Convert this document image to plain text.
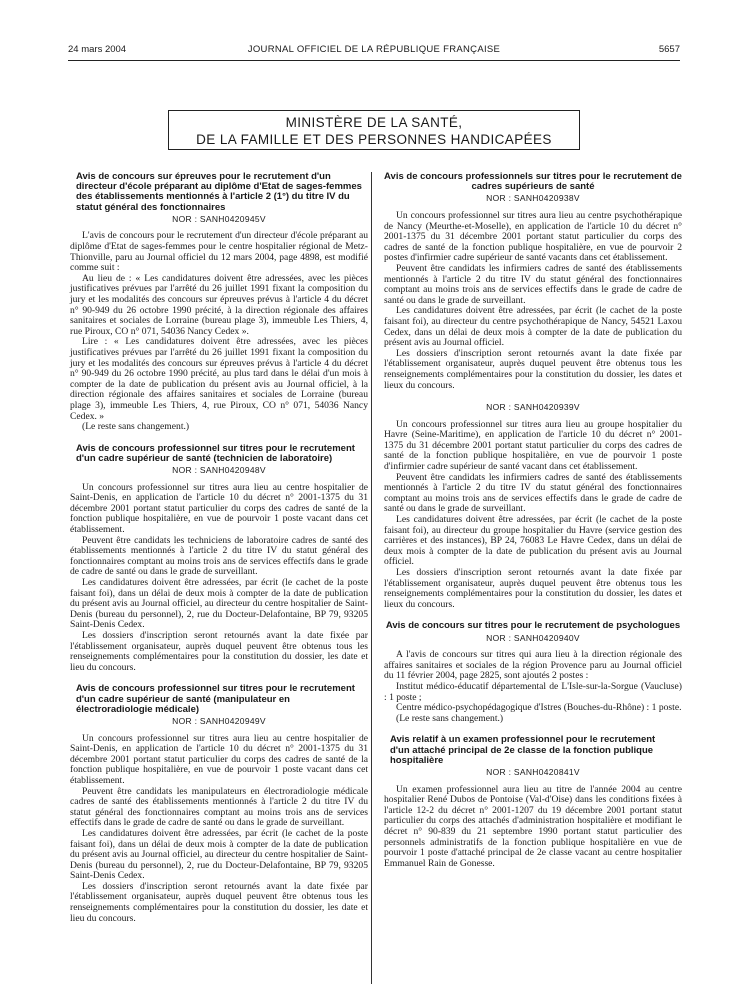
24 mars 2004	JOURNAL OFFICIEL DE LA RÉPUBLIQUE FRANÇAISE	5657
MINISTÈRE DE LA SANTÉ,
DE LA FAMILLE ET DES PERSONNES HANDICAPÉES
Avis de concours sur épreuves pour le recrutement d'un directeur d'école préparant au diplôme d'Etat de sages-femmes des établissements mentionnés à l'article 2 (1°) du titre IV du statut général des fonctionnaires
NOR : SANH0420945V

L'avis de concours pour le recrutement d'un directeur d'école préparant au diplôme d'Etat de sages-femmes pour le centre hospitalier régional de Metz-Thionville, paru au Journal officiel du 12 mars 2004, page 4898, est modifié comme suit :

Au lieu de : « Les candidatures doivent être adressées, avec les pièces justificatives prévues par l'arrêté du 26 juillet 1991 fixant la composition du jury et les modalités des concours sur épreuves prévus à l'article 4 du décret n° 90-949 du 26 octobre 1990 précité, à la direction régionale des affaires sanitaires et sociales de Lorraine (bureau plage 3), immeuble Les Thiers, 4, rue Piroux, CO n° 071, 54036 Nancy Cedex ».

Lire : « Les candidatures doivent être adressées, avec les pièces justificatives prévues par l'arrêté du 26 juillet 1991 fixant la composition du jury et les modalités des concours sur épreuves prévus à l'article 4 du décret n° 90-949 du 26 octobre 1990 précité, au plus tard dans le délai d'un mois à compter de la date de publication du présent avis au Journal officiel, à la direction régionale des affaires sanitaires et sociales de Lorraine (bureau plage 3), immeuble Les Thiers, 4, rue Piroux, CO n° 071, 54036 Nancy Cedex. »

(Le reste sans changement.)

Avis de concours professionnel sur titres pour le recrutement d'un cadre supérieur de santé (technicien de laboratoire)
NOR : SANH0420948V

Un concours professionnel sur titres aura lieu au centre hospitalier de Saint-Denis, en application de l'article 10 du décret n° 2001-1375 du 31 décembre 2001 portant statut particulier du corps des cadres de santé de la fonction publique hospitalière, en vue de pourvoir 1 poste vacant dans cet établissement.

Peuvent être candidats les techniciens de laboratoire cadres de santé des établissements mentionnés à l'article 2 du titre IV du statut général des fonctionnaires comptant au moins trois ans de services effectifs dans le grade de cadre de santé ou dans le grade de surveillant.

Les candidatures doivent être adressées, par écrit (le cachet de la poste faisant foi), dans un délai de deux mois à compter de la date de publication du présent avis au Journal officiel, au directeur du centre hospitalier de Saint-Denis (bureau du personnel), 2, rue du Docteur-Delafontaine, BP 79, 93205 Saint-Denis Cedex.

Les dossiers d'inscription seront retournés avant la date fixée par l'établissement organisateur, auprès duquel peuvent être obtenus tous les renseignements complémentaires pour la constitution du dossier, les date et lieu du concours.

Avis de concours professionnel sur titres pour le recrutement d'un cadre supérieur de santé (manipulateur en électroradiologie médicale)
NOR : SANH0420949V

Un concours professionnel sur titres aura lieu au centre hospitalier de Saint-Denis, en application de l'article 10 du décret n° 2001-1375 du 31 décembre 2001 portant statut particulier du corps des cadres de santé de la fonction publique hospitalière, en vue de pourvoir 1 poste vacant dans cet établissement.

Peuvent être candidats les manipulateurs en électroradiologie médicale cadres de santé des établissements mentionnés à l'article 2 du titre IV du statut général des fonctionnaires comptant au moins trois ans de services effectifs dans le grade de cadre de santé ou dans le grade de surveillant.

Les candidatures doivent être adressées, par écrit (le cachet de la poste faisant foi), dans un délai de deux mois à compter de la date de publication du présent avis au Journal officiel, au directeur du centre hospitalier de Saint-Denis (bureau du personnel), 2, rue du Docteur-Delafontaine, BP 79, 93205 Saint-Denis Cedex.

Les dossiers d'inscription seront retournés avant la date fixée par l'établissement organisateur, auprès duquel peuvent être obtenus tous les renseignements complémentaires pour la constitution du dossier, les date et lieu du concours.

Avis de concours professionnels sur titres pour le recrutement de cadres supérieurs de santé
NOR : SANH0420938V

Un concours professionnel sur titres aura lieu au centre psychothérapique de Nancy (Meurthe-et-Moselle), en application de l'article 10 du décret n° 2001-1375 du 31 décembre 2001 portant statut particulier du corps des cadres de santé de la fonction publique hospitalière, en vue de pourvoir 2 postes d'infirmier cadre supérieur de santé vacants dans cet établissement.

Peuvent être candidats les infirmiers cadres de santé des établissements mentionnés à l'article 2 du titre IV du statut général des fonctionnaires comptant au moins trois ans de services effectifs dans le grade de cadre de santé ou dans le grade de surveillant.

Les candidatures doivent être adressées, par écrit (le cachet de la poste faisant foi), au directeur du centre psychothérapique de Nancy, 54521 Laxou Cedex, dans un délai de deux mois à compter de la date de publication du présent avis au Journal officiel.

Les dossiers d'inscription seront retournés avant la date fixée par l'établissement organisateur, auprès duquel peuvent être obtenus tous les renseignements complémentaires pour la constitution du dossier, les dates et lieux du concours.

NOR : SANH0420939V

Un concours professionnel sur titres aura lieu au groupe hospitalier du Havre (Seine-Maritime), en application de l'article 10 du décret n° 2001-1375 du 31 décembre 2001 portant statut particulier du corps des cadres de santé de la fonction publique hospitalière, en vue de pourvoir 1 poste d'infirmier cadre supérieur de santé vacant dans cet établissement.

Peuvent être candidats les infirmiers cadres de santé des établissements mentionnés à l'article 2 du titre IV du statut général des fonctionnaires comptant au moins trois ans de services effectifs dans le grade de cadre de santé ou dans le grade de surveillant.

Les candidatures doivent être adressées, par écrit (le cachet de la poste faisant foi), au directeur du groupe hospitalier du Havre (service gestion des carrières et des instances), BP 24, 76083 Le Havre Cedex, dans un délai de deux mois à compter de la date de publication du présent avis au Journal officiel.

Les dossiers d'inscription seront retournés avant la date fixée par l'établissement organisateur, auprès duquel peuvent être obtenus tous les renseignements complémentaires pour la constitution du dossier, les dates et lieux du concours.

Avis de concours sur titres pour le recrutement de psychologues
NOR : SANH0420940V

A l'avis de concours sur titres qui aura lieu à la direction régionale des affaires sanitaires et sociales de la région Provence paru au Journal officiel du 11 février 2004, page 2825, sont ajoutés 2 postes :

Institut médico-éducatif départemental de L'Isle-sur-la-Sorgue (Vaucluse) : 1 poste ;

Centre médico-psychopédagogique d'Istres (Bouches-du-Rhône) : 1 poste.

(Le reste sans changement.)

Avis relatif à un examen professionnel pour le recrutement d'un attaché principal de 2e classe de la fonction publique hospitalière
NOR : SANH0420841V

Un examen professionnel aura lieu au titre de l'année 2004 au centre hospitalier René Dubos de Pontoise (Val-d'Oise) dans les conditions fixées à l'article 12-2 du décret n° 2001-1207 du 19 décembre 2001 portant statut particulier du corps des attachés d'administration hospitalière et modifiant le décret n° 90-839 du 21 septembre 1990 portant statut particulier des personnels administratifs de la fonction publique hospitalière en vue de pourvoir 1 poste d'attaché principal de 2e classe vacant au centre hospitalier Emmanuel Rain de Gonesse.
